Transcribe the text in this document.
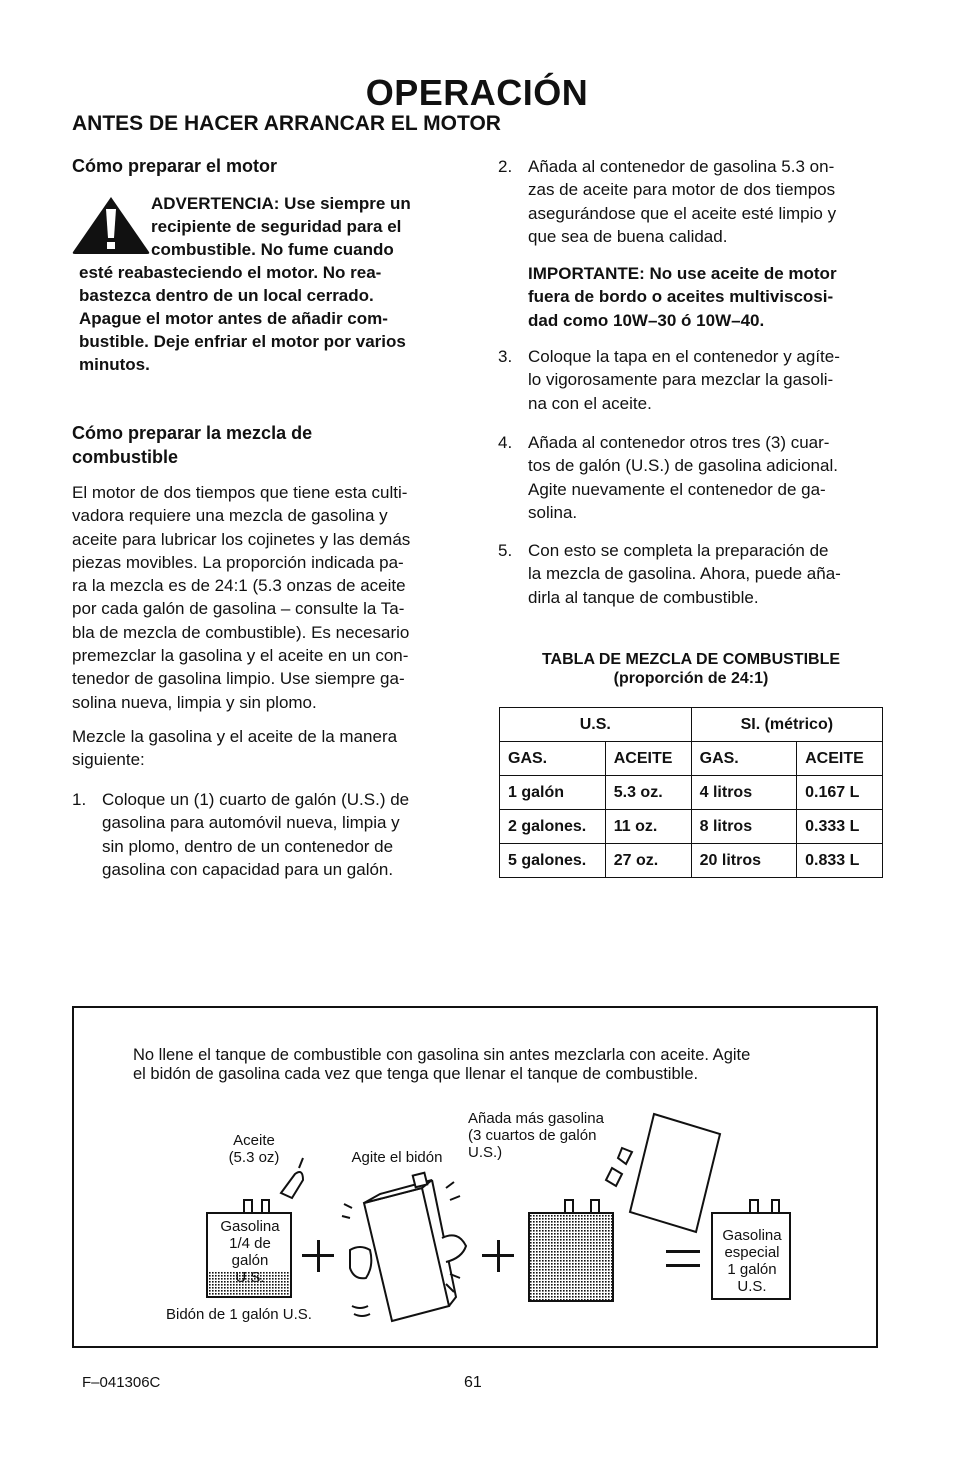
OPERACIÓN
ANTES DE HACER ARRANCAR EL MOTOR
Cómo preparar el motor
ADVERTENCIA: Use siempre un
recipiente de seguridad para el
combustible. No fume cuando
esté reabasteciendo el motor. No rea-
bastezca dentro de un local cerrado.
Apague el motor antes de añadir com-
bustible. Deje enfriar el motor por varios
minutos.
Cómo preparar la mezcla de
combustible
El motor de dos tiempos que tiene esta culti-
vadora requiere una mezcla de gasolina y
aceite para lubricar los cojinetes y las demás
piezas movibles. La proporción indicada pa-
ra la mezcla es de 24:1 (5.3 onzas de aceite
por cada galón de gasolina – consulte la Ta-
bla de mezcla de combustible). Es necesario
premezclar la gasolina y el aceite en un con-
tenedor de gasolina limpio. Use siempre ga-
solina nueva, limpia y sin plomo.
Mezcle la gasolina y el aceite de la manera
siguiente:
1. Coloque un (1) cuarto de galón (U.S.) de
gasolina para automóvil nueva, limpia y
sin plomo, dentro de un contenedor de
gasolina con capacidad para un galón.
2. Añada al contenedor de gasolina 5.3 on-
zas de aceite para motor de dos tiempos
asegurándose que el aceite esté limpio y
que sea de buena calidad.
IMPORTANTE: No use aceite de motor
fuera de bordo o aceites multiviscosi-
dad como 10W–30 ó 10W–40.
3. Coloque la tapa en el contenedor y agíte-
lo vigorosamente para mezclar la gasoli-
na con el aceite.
4. Añada al contenedor otros tres (3) cuar-
tos de galón (U.S.) de gasolina adicional.
Agite nuevamente el contenedor de ga-
solina.
5. Con esto se completa la preparación de
la mezcla de gasolina. Ahora, puede aña-
dirla al tanque de combustible.
TABLA DE MEZCLA DE COMBUSTIBLE
(proporción de 24:1)
U.S.		SI. (métrico)	
GAS.	ACEITE	GAS.	ACEITE
1 galón	5.3 oz.	4 litros	0.167 L
2 galones.	11 oz.	8 litros	0.333 L
5 galones.	27 oz.	20 litros	0.833 L
No llene el tanque de combustible con gasolina sin antes mezclarla con aceite. Agite
el bidón de gasolina cada vez que tenga que llenar el tanque de combustible.
Aceite
(5.3 oz)	Agite el bidón
Añada más gasolina
(3 cuartos de galón
U.S.)
Gasolina
1/4 de
galón
U.S.
Bidón de 1 galón U.S.
Gasolina
especial
1 galón
U.S.
F–041306C	61
